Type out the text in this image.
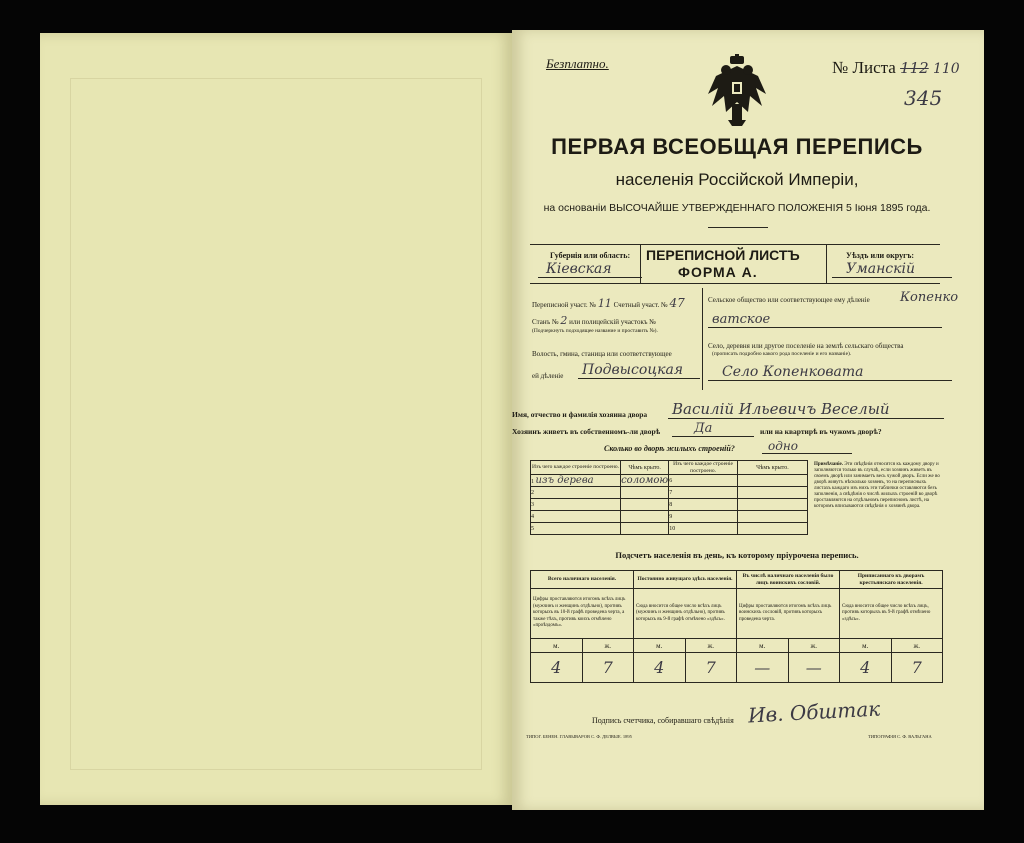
Безплатно.	№ Листа 112 110
345
ПЕРВАЯ ВСЕОБЩАЯ ПЕРЕПИСЬ
населенія Россійской Имперіи,
на основаніи ВЫСОЧАЙШЕ УТВЕРЖДЕННАГО ПОЛОЖЕНІЯ 5 Іюня 1895 года.
Губернія или область:
Кіевская
ПЕРЕПИСНОЙ ЛИСТЪ
ФОРМА А.
Уѣздъ или округъ:
Уманскій
Переписной участ. № 11 Счетный участ. № 47
Станъ № 2 или полицейскій участокъ №
(Подчеркнуть подходящее название и проставить №).
Волость, гмина, станица или соответствующее
ей дѣленіе Подвысоцкая
Сельское общество или соответствующее ему дѣленіе Копенко
ватское
Село, деревня или другое поселеніе на землѣ сельскаго общества
(прописать подробно какого рода поселеніе и его названіе).
Село Копенковата
Имя, отчество и фамилія хозяина двора Василій Ильевичъ Веселый
Хозяинъ живетъ въ собственномъ-ли дворѣ	Да	или на квартирѣ въ чужомъ дворѣ?
Сколько во дворѣ жилыхъ строеній?	одно
Изъ чего каждое строеніе построено.	Чѣмъ крыто.	Изъ чего каждое строеніе построено.	Чѣмъ крыто.
1 изъ дерева	соломою	6	
2		7	
3		8	
4		9	
5		10	
Примѣчаніе. Эти свѣдѣнія относятся къ каждому двору и заполняются только въ случаѣ, если хозяинъ живетъ въ своемъ дворѣ или занимаетъ весь чужой дворъ. Если же во дворѣ живутъ нѣсколько хозяевъ, то на переписныхъ листахъ каждаго изъ нихъ эти таблички оставляются безъ заполненія, а свѣдѣнія о числѣ жилыхъ строеній во дворѣ проставляются на отдѣльномъ переписномъ листѣ, на которомъ вписываются свѣдѣнія о хозяинѣ двора.
Подсчетъ населенія въ день, къ которому пріурочена перепись.
Всего наличнаго населенія.		Постоянно живущаго здѣсь населенія.		Въ числѣ наличнаго населенія было лицъ воинскихъ сословій.		Приписаннаго къ дворамъ крестьянскаго населенія.	
Цифры проставляются итогомъ всѣхъ лицъ (мужчинъ и женщинъ отдѣльно), противъ которыхъ въ 10-й графѣ проведена черта, а также тѣхъ, противъ коихъ отмѣчено «проѣздомъ».		Сюда вносится общее число всѣхъ лицъ (мужчинъ и женщинъ отдѣльно), противъ которыхъ въ 9-й графѣ отмѣчено «здѣсь».		Цифры проставляются итогомъ всѣхъ лицъ воинскихъ сословій, противъ которыхъ проведена черта.		Сюда вносится общее число всѣхъ лицъ, противъ которыхъ въ 9-й графѣ отмѣчено «здѣсь».	
м.	ж.	м.	ж.	м.	ж.	м.	ж.
4	7	4	7	—	—	4	7
Подпись счетчика, собиравшаго свѣдѣнія Ив. Обштак
ТИПОГ. БЕНЕН. ГЛАВЫВАРОВ С. Ф. ДЕЛВЫЕ. 1895	ТИПОГРАФІЯ С. Ф. ВАЛЬГАНА
